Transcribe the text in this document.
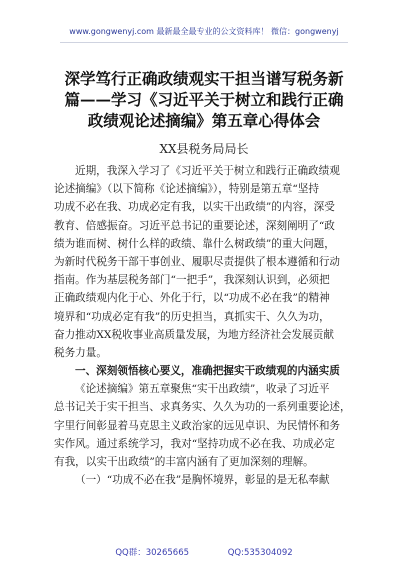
www.gongwenyj.com 最新最全最专业的公文资料库！ 微信：gongwenyj
深学笃行正确政绩观实干担当谱写税务新
篇——学习《习近平关于树立和践行正确
政绩观论述摘编》第五章心得体会
XX县税务局局长
近期，我深入学习了《习近平关于树立和践行正确政绩观
论述摘编》（以下简称《论述摘编》），特别是第五章“坚持
功成不必在我、功成必定有我，以实干出政绩”的内容，深受
教育、倍感振奋。习近平总书记的重要论述，深刻阐明了“政
绩为谁而树、树什么样的政绩、靠什么树政绩”的重大问题，
为新时代税务干部干事创业、履职尽责提供了根本遵循和行动
指南。作为基层税务部门“一把手”，我深刻认识到，必须把
正确政绩观内化于心、外化于行，以“功成不必在我”的精神
境界和“功成必定有我”的历史担当，真抓实干、久久为功，
奋力推动XX税收事业高质量发展，为地方经济社会发展贡献
税务力量。
一、深刻领悟核心要义，准确把握实干政绩观的内涵实质
《论述摘编》第五章聚焦“实干出政绩”，收录了习近平
总书记关于实干担当、求真务实、久久为功的一系列重要论述，
字里行间彰显着马克思主义政治家的远见卓识、为民情怀和务
实作风。通过系统学习，我对“坚持功成不必在我、功成必定
有我，以实干出政绩”的丰富内涵有了更加深刻的理解。
（一）“功成不必在我”是胸怀境界，彰显的是无私奉献
QQ群：30265665	QQ:535304092
